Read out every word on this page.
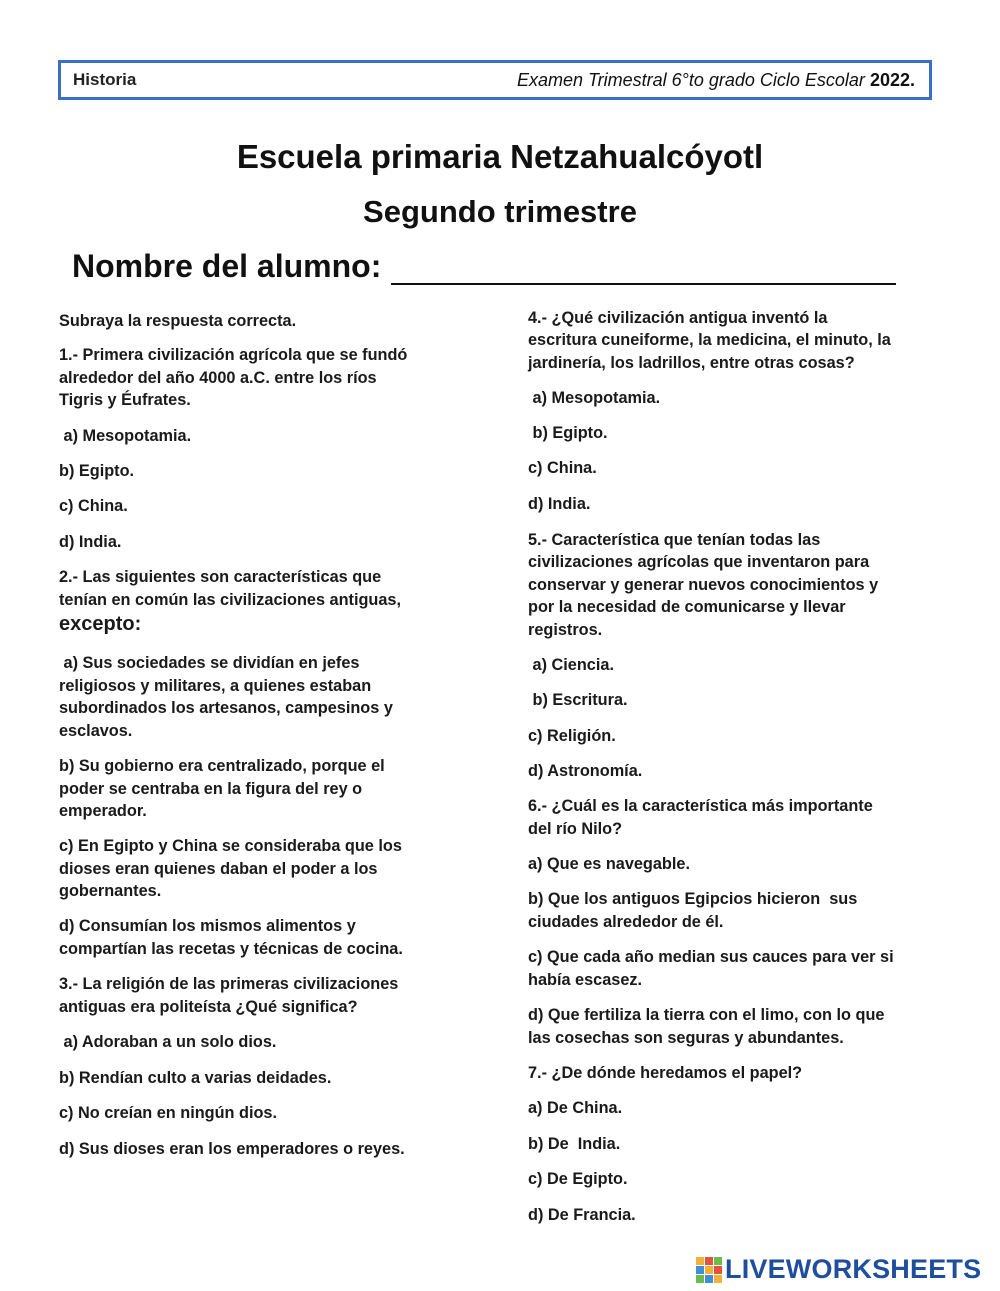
Historia	Examen Trimestral 6°to grado Ciclo Escolar 2022.
Escuela primaria Netzahualcóyotl
Segundo trimestre
Nombre del alumno:

Subraya la respuesta correcta.

1.- Primera civilización agrícola que se fundó

alrededor del año 4000 a.C. entre los ríos

Tigris y Éufrates.

a) Mesopotamia.

b) Egipto.

c) China.

d) India.

2.- Las siguientes son características que

tenían en común las civilizaciones antiguas,

excepto:

a) Sus sociedades se dividían en jefes

religiosos y militares, a quienes estaban

subordinados los artesanos, campesinos y

esclavos.

b) Su gobierno era centralizado, porque el

poder se centraba en la figura del rey o

emperador.

c) En Egipto y China se consideraba que los

dioses eran quienes daban el poder a los

gobernantes.

d) Consumían los mismos alimentos y

compartían las recetas y técnicas de cocina.

3.- La religión de las primeras civilizaciones

antiguas era politeísta ¿Qué significa?

a) Adoraban a un solo dios.

b) Rendían culto a varias deidades.

c) No creían en ningún dios.

d) Sus dioses eran los emperadores o reyes.

4.- ¿Qué civilización antigua inventó la

escritura cuneiforme, la medicina, el minuto, la

jardinería, los ladrillos, entre otras cosas?

a) Mesopotamia.

b) Egipto.

c) China.

d) India.

5.- Característica que tenían todas las

civilizaciones agrícolas que inventaron para

conservar y generar nuevos conocimientos y

por la necesidad de comunicarse y llevar

registros.

a) Ciencia.

b) Escritura.

c) Religión.

d) Astronomía.

6.- ¿Cuál es la característica más importante

del río Nilo?

a) Que es navegable.

b) Que los antiguos Egipcios hicieron  sus

ciudades alrededor de él.

c) Que cada año median sus cauces para ver si

había escasez.

d) Que fertiliza la tierra con el limo, con lo que

las cosechas son seguras y abundantes.

7.- ¿De dónde heredamos el papel?

a) De China.

b) De  India.

c) De Egipto.

d) De Francia.

LIVEWORKSHEETS
